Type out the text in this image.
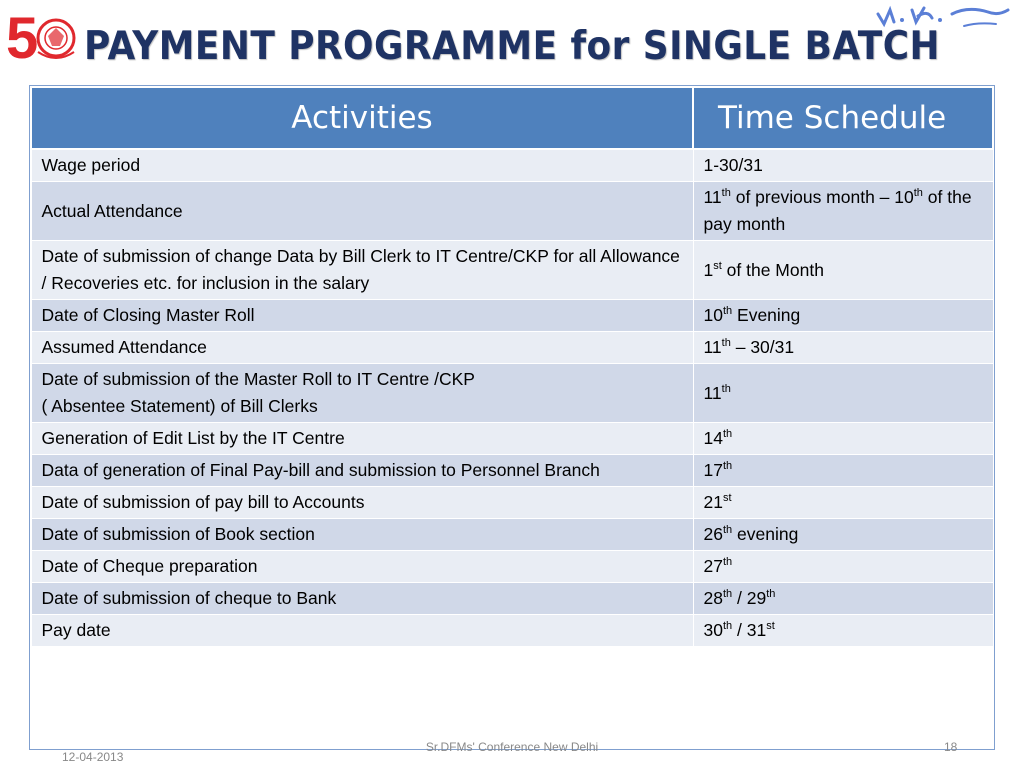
5	PAYMENT PROGRAMME for SINGLE BATCH
Activities	Time Schedule
Wage period	1-30/31
Actual Attendance	11th of previous month – 10th of the pay month
Date of submission of change Data by Bill Clerk to IT Centre/CKP for all Allowance / Recoveries etc. for inclusion in the salary	1st of the Month
Date of Closing Master Roll	10th Evening
Assumed Attendance	11th – 30/31
Date of submission of the Master Roll to IT Centre /CKP
( Absentee Statement) of Bill Clerks	11th
Generation of Edit List by the IT Centre	14th
Data of generation of Final Pay-bill and submission to Personnel Branch	17th
Date of submission of pay bill to Accounts	21st
Date of submission of Book section	26th evening
Date of Cheque preparation	27th
Date of submission of cheque to Bank	28th / 29th
Pay date	30th / 31st
12-04-2013
Sr.DFMs' Conference New Delhi	18
